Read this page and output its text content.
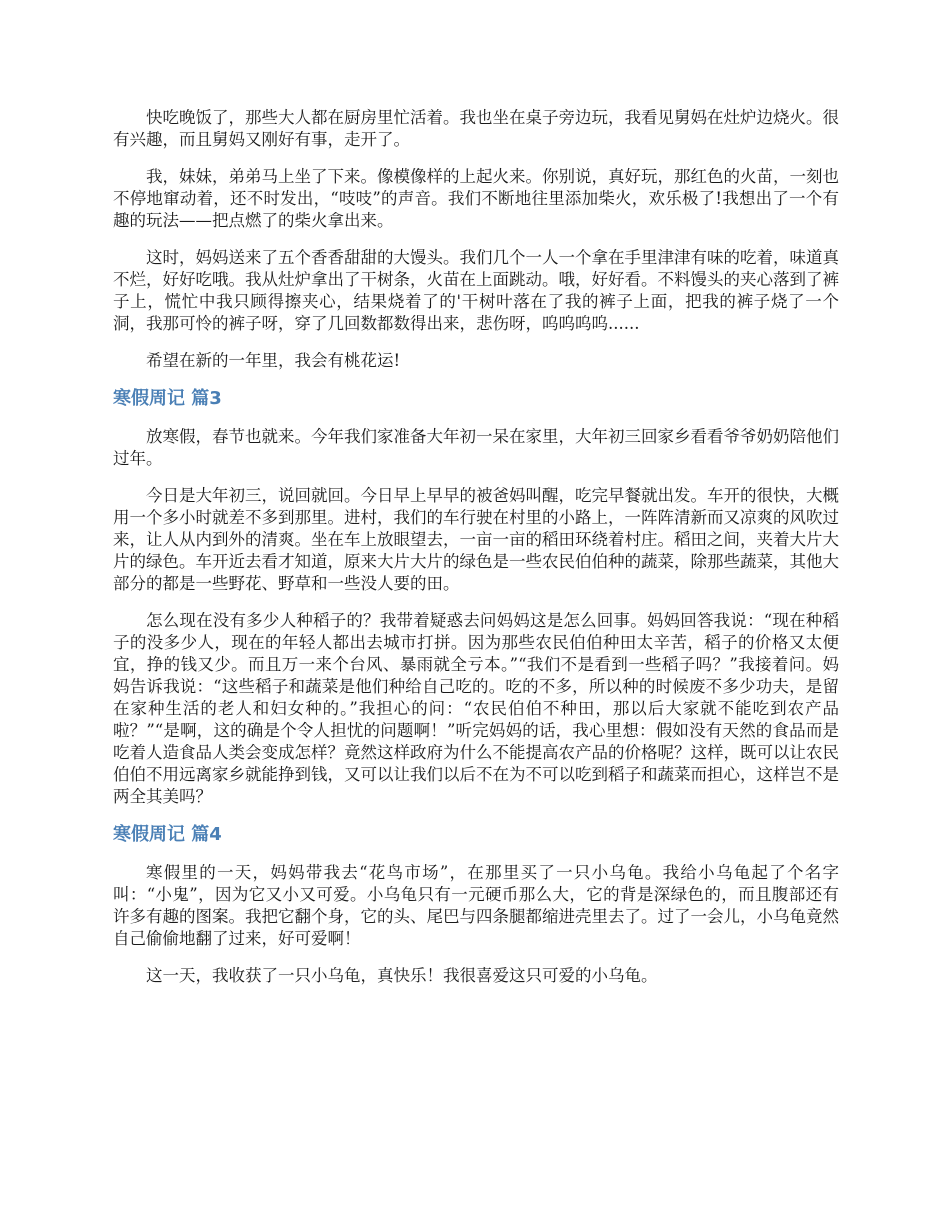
快吃晚饭了，那些大人都在厨房里忙活着。我也坐在桌子旁边玩，我看见舅妈在灶炉边烧火。很有兴趣，而且舅妈又刚好有事，走开了。

我，妹妹，弟弟马上坐了下来。像模像样的上起火来。你别说，真好玩，那红色的火苗，一刻也不停地窜动着，还不时发出，“吱吱”的声音。我们不断地往里添加柴火，欢乐极了!我想出了一个有趣的玩法——把点燃了的柴火拿出来。

这时，妈妈送来了五个香香甜甜的大馒头。我们几个一人一个拿在手里津津有味的吃着，味道真不烂，好好吃哦。我从灶炉拿出了干树条，火苗在上面跳动。哦，好好看。不料馒头的夹心落到了裤子上，慌忙中我只顾得擦夹心，结果烧着了的'干树叶落在了我的裤子上面，把我的裤子烧了一个洞，我那可怜的裤子呀，穿了几回数都数得出来，悲伤呀，呜呜呜呜......

希望在新的一年里，我会有桃花运!

寒假周记 篇3

放寒假，春节也就来。今年我们家准备大年初一呆在家里，大年初三回家乡看看爷爷奶奶陪他们过年。

今日是大年初三，说回就回。今日早上早早的被爸妈叫醒，吃完早餐就出发。车开的很快，大概用一个多小时就差不多到那里。进村，我们的车行驶在村里的小路上，一阵阵清新而又凉爽的风吹过来，让人从内到外的清爽。坐在车上放眼望去，一亩一亩的稻田环绕着村庄。稻田之间，夹着大片大片的绿色。车开近去看才知道，原来大片大片的绿色是一些农民伯伯种的蔬菜，除那些蔬菜，其他大部分的都是一些野花、野草和一些没人要的田。

怎么现在没有多少人种稻子的？我带着疑惑去问妈妈这是怎么回事。妈妈回答我说：“现在种稻子的没多少人，现在的年轻人都出去城市打拼。因为那些农民伯伯种田太辛苦，稻子的价格又太便宜，挣的钱又少。而且万一来个台风、暴雨就全亏本。”“我们不是看到一些稻子吗？”我接着问。妈妈告诉我说：“这些稻子和蔬菜是他们种给自己吃的。吃的不多，所以种的时候废不多少功夫，是留在家种生活的老人和妇女种的。”我担心的问：“农民伯伯不种田，那以后大家就不能吃到农产品啦？”“是啊，这的确是个令人担忧的问题啊！”听完妈妈的话，我心里想：假如没有天然的食品而是吃着人造食品人类会变成怎样？竟然这样政府为什么不能提高农产品的价格呢？这样，既可以让农民伯伯不用远离家乡就能挣到钱，又可以让我们以后不在为不可以吃到稻子和蔬菜而担心，这样岂不是两全其美吗？

寒假周记 篇4

寒假里的一天，妈妈带我去“花鸟市场”，在那里买了一只小乌龟。我给小乌龟起了个名字叫：“小鬼”，因为它又小又可爱。小乌龟只有一元硬币那么大，它的背是深绿色的，而且腹部还有许多有趣的图案。我把它翻个身，它的头、尾巴与四条腿都缩进壳里去了。过了一会儿，小乌龟竟然自己偷偷地翻了过来，好可爱啊！

这一天，我收获了一只小乌龟，真快乐！我很喜爱这只可爱的小乌龟。
